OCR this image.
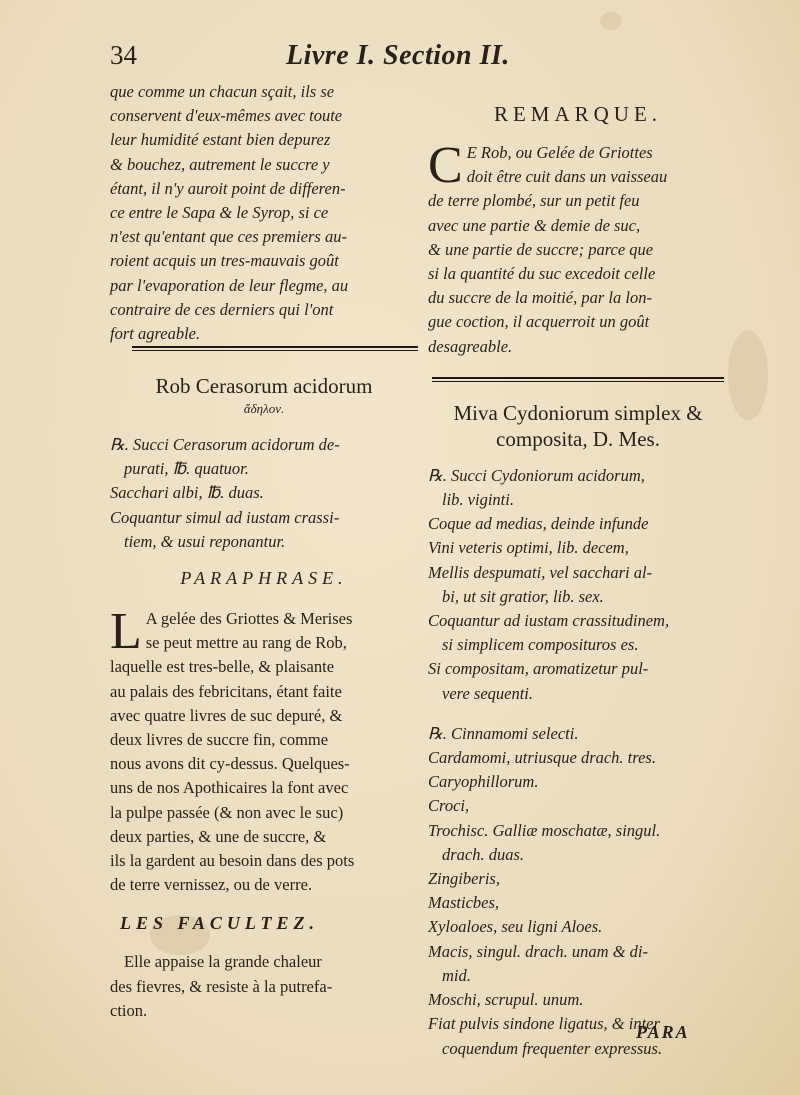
34	Livre I. Section II.

que comme un chacun sçait, ils se

conservent d'eux-mêmes avec toute

leur humidité estant bien depurez

& bouchez, autrement le succre y

étant, il n'y auroit point de differen-

ce entre le Sapa & le Syrop, si ce

n'est qu'entant que ces premiers au-

roient acquis un tres-mauvais goût

par l'evaporation de leur flegme, au

contraire de ces derniers qui l'ont

fort agreable.

Rob Cerasorum acidorum
ἄδηλον.

℞. Succi Cerasorum acidorum de-

purati, ℔. quatuor.

Sacchari albi, ℔. duas.

Coquantur simul ad iustam crassi-

tiem, & usui reponantur.

PARAPHRASE.
L A gelée des Griottes & Merises

se peut mettre au rang de Rob,

laquelle est tres-belle, & plaisante

au palais des febricitans, étant faite

avec quatre livres de suc depuré, &

deux livres de succre fin, comme

nous avons dit cy-dessus. Quelques-

uns de nos Apothicaires la font avec

la pulpe passée (& non avec le suc)

deux parties, & une de succre, &

ils la gardent au besoin dans des pots

de terre vernissez, ou de verre.

LES FACULTEZ.

Elle appaise la grande chaleur

des fievres, & resiste à la putrefa-

ction.

REMARQUE.
C E Rob, ou Gelée de Griottes

doit être cuit dans un vaisseau

de terre plombé, sur un petit feu

avec une partie & demie de suc,

& une partie de succre; parce que

si la quantité du suc excedoit celle

du succre de la moitié, par la lon-

gue coction, il acquerroit un goût

desagreable.

Miva Cydoniorum simplex &
composita, D. Mes.

℞. Succi Cydoniorum acidorum,

lib. viginti.

Coque ad medias, deinde infunde

Vini veteris optimi, lib. decem,

Mellis despumati, vel sacchari al-

bi, ut sit gratior, lib. sex.

Coquantur ad iustam crassitudinem,

si simplicem composituros es.

Si compositam, aromatizetur pul-

vere sequenti.

℞. Cinnamomi selecti.

Cardamomi, utriusque drach. tres.

Caryophillorum.

Croci,

Trochisc. Galliæ moschatæ, singul.

drach. duas.

Zingiberis,

Masticbes,

Xyloaloes, seu ligni Aloes.

Macis, singul. drach. unam & di-

mid.

Moschi, scrupul. unum.

Fiat pulvis sindone ligatus, & inter

coquendum frequenter expressus.

PARA
